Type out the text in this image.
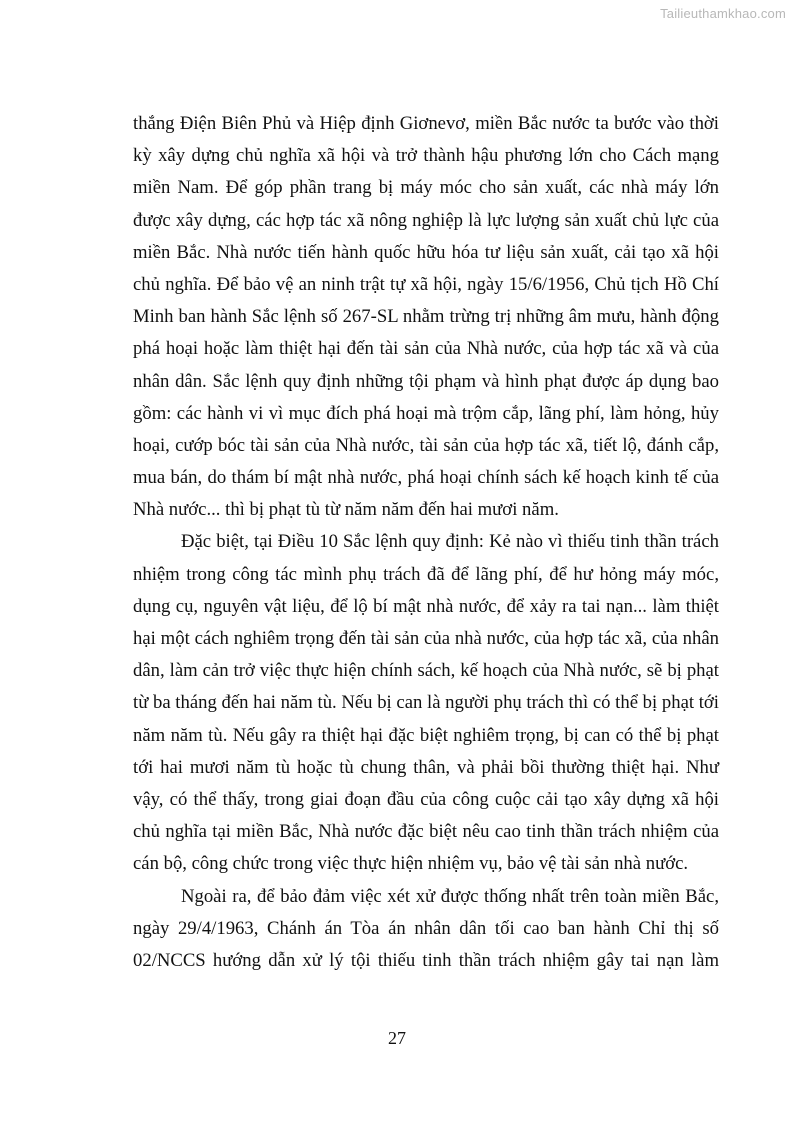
Tailieuthamkhao.com
thắng Điện Biên Phủ và Hiệp định Giơnevơ, miền Bắc nước ta bước vào thời
kỳ xây dựng chủ nghĩa xã hội và trở thành hậu phương lớn cho Cách mạng
miền Nam. Để góp phần trang bị máy móc cho sản xuất, các nhà máy lớn
được xây dựng, các hợp tác xã nông nghiệp là lực lượng sản xuất chủ lực của
miền Bắc. Nhà nước tiến hành quốc hữu hóa tư liệu sản xuất, cải tạo xã hội
chủ nghĩa. Để bảo vệ an ninh trật tự xã hội, ngày 15/6/1956, Chủ tịch Hồ Chí
Minh ban hành Sắc lệnh số 267-SL nhằm trừng trị những âm mưu, hành động
phá hoại hoặc làm thiệt hại đến tài sản của Nhà nước, của hợp tác xã và của
nhân dân. Sắc lệnh quy định những tội phạm và hình phạt được áp dụng bao
gồm: các hành vi vì mục đích phá hoại mà trộm cắp, lãng phí, làm hỏng, hủy
hoại, cướp bóc tài sản của Nhà nước, tài sản của hợp tác xã, tiết lộ, đánh cắp,
mua bán, do thám bí mật nhà nước, phá hoại chính sách kế hoạch kinh tế của
Nhà nước... thì bị phạt tù từ năm năm đến hai mươi năm.
Đặc biệt, tại Điều 10 Sắc lệnh quy định: Kẻ nào vì thiếu tinh thần trách
nhiệm trong công tác mình phụ trách đã để lãng phí, để hư hỏng máy móc,
dụng cụ, nguyên vật liệu, để lộ bí mật nhà nước, để xảy ra tai nạn... làm thiệt
hại một cách nghiêm trọng đến tài sản của nhà nước, của hợp tác xã, của nhân
dân, làm cản trở việc thực hiện chính sách, kế hoạch của Nhà nước, sẽ bị phạt
từ ba tháng đến hai năm tù. Nếu bị can là người phụ trách thì có thể bị phạt tới
năm năm tù. Nếu gây ra thiệt hại đặc biệt nghiêm trọng, bị can có thể bị phạt
tới hai mươi năm tù hoặc tù chung thân, và phải bồi thường thiệt hại. Như
vậy, có thể thấy, trong giai đoạn đầu của công cuộc cải tạo xây dựng xã hội
chủ nghĩa tại miền Bắc, Nhà nước đặc biệt nêu cao tinh thần trách nhiệm của
cán bộ, công chức trong việc thực hiện nhiệm vụ, bảo vệ tài sản nhà nước.
Ngoài ra, để bảo đảm việc xét xử được thống nhất trên toàn miền Bắc,
ngày 29/4/1963, Chánh án Tòa án nhân dân tối cao ban hành Chỉ thị số
02/NCCS hướng dẫn xử lý tội thiếu tinh thần trách nhiệm gây tai nạn làm
27
